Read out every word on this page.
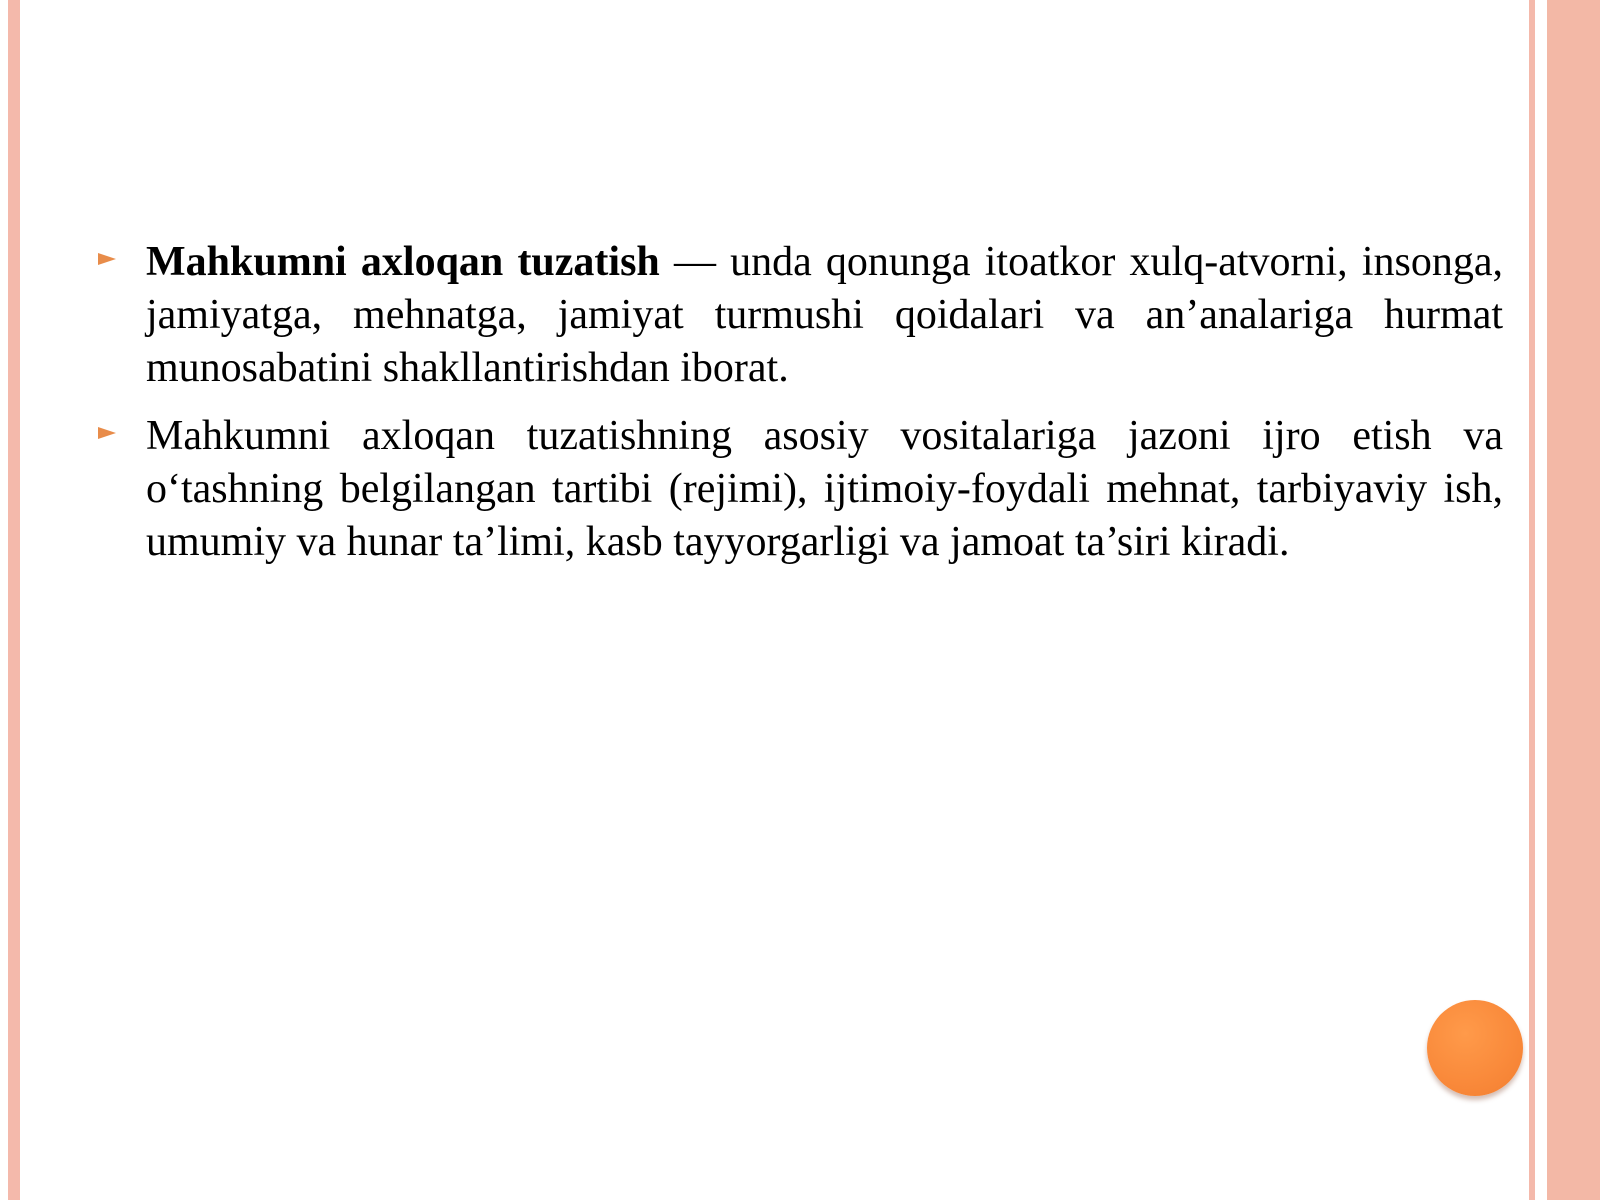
Mahkumni axloqan tuzatish — unda qonunga itoatkor xulq-atvorni, insonga, jamiyatga, mehnatga, jamiyat turmushi qoidalari va an’analariga hurmat munosabatini shakllantirishdan iborat.
Mahkumni axloqan tuzatishning asosiy vositalariga jazoni ijro etish va o‘tashning belgilangan tartibi (rejimi), ijtimoiy-foydali mehnat, tarbiyaviy ish, umumiy va hunar ta’limi, kasb tayyorgarligi va jamoat ta’siri kiradi.
